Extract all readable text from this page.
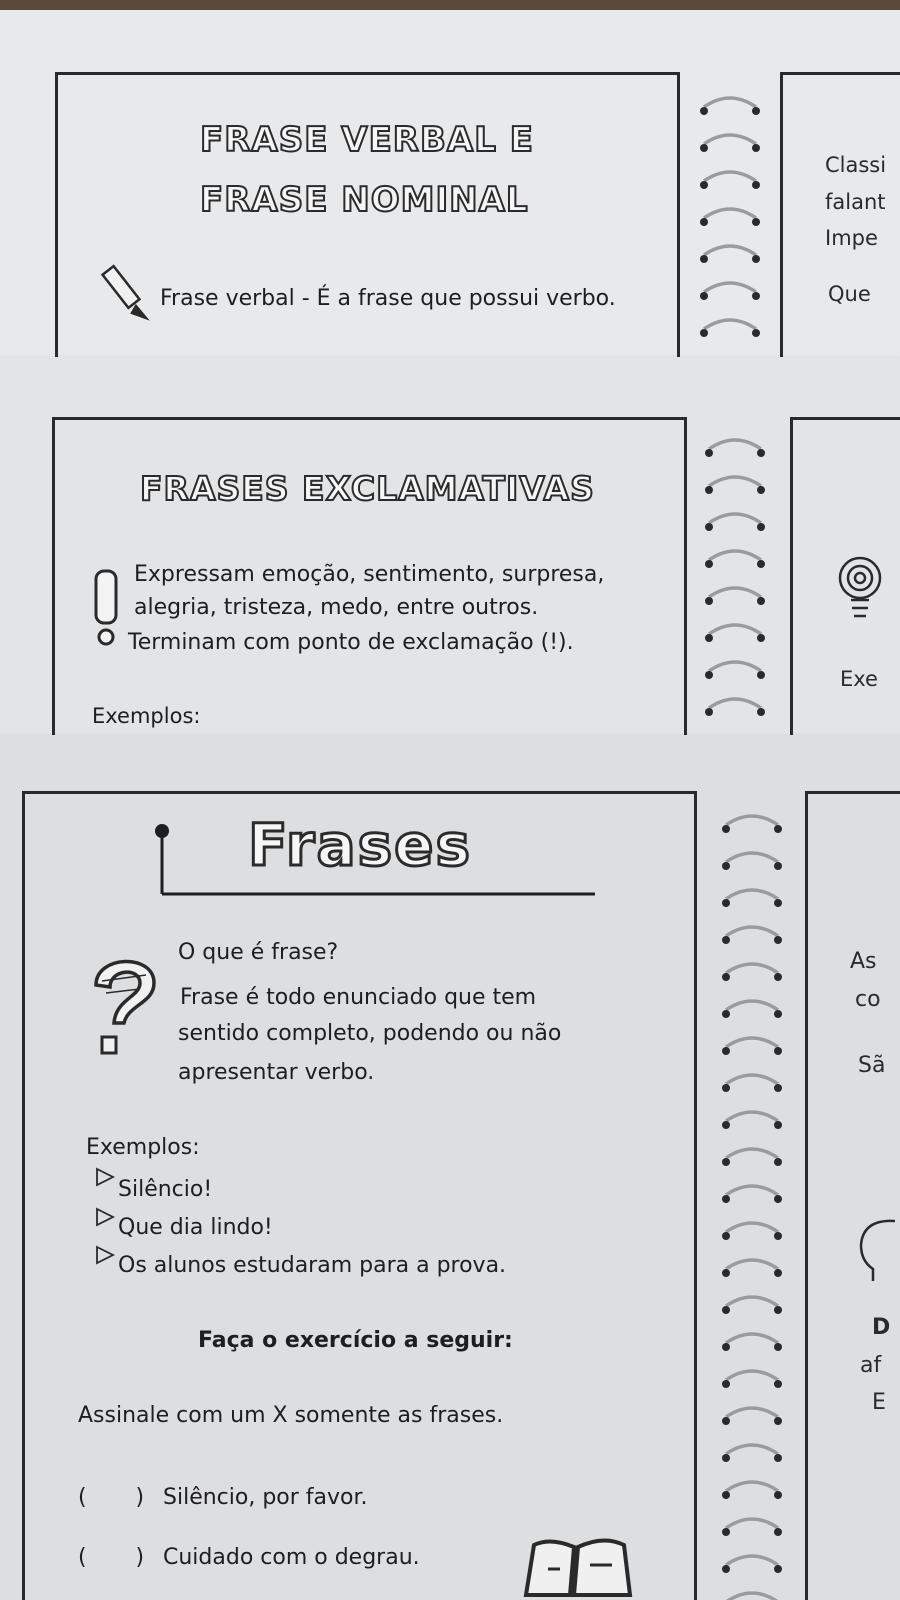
FRASE VERBAL E
FRASE NOMINAL
Frase verbal - É a frase que possui verbo.
Classi
falant
Impe
Que
FRASES EXCLAMATIVAS
Expressam emoção, sentimento, surpresa,
alegria, tristeza, medo, entre outros.
Terminam com ponto de exclamação (!).
Exemplos:
Exe
Frases
O que é frase?
Frase é todo enunciado que tem
sentido completo, podendo ou não
apresentar verbo.
Exemplos:
Silêncio!
Que dia lindo!
Os alunos estudaram para a prova.
Faça o exercício a seguir:
Assinale com um X somente as frases.
(       ) Silêncio, por favor.
(       ) Cuidado com o degrau.
As
co
Sã
D
af
E
